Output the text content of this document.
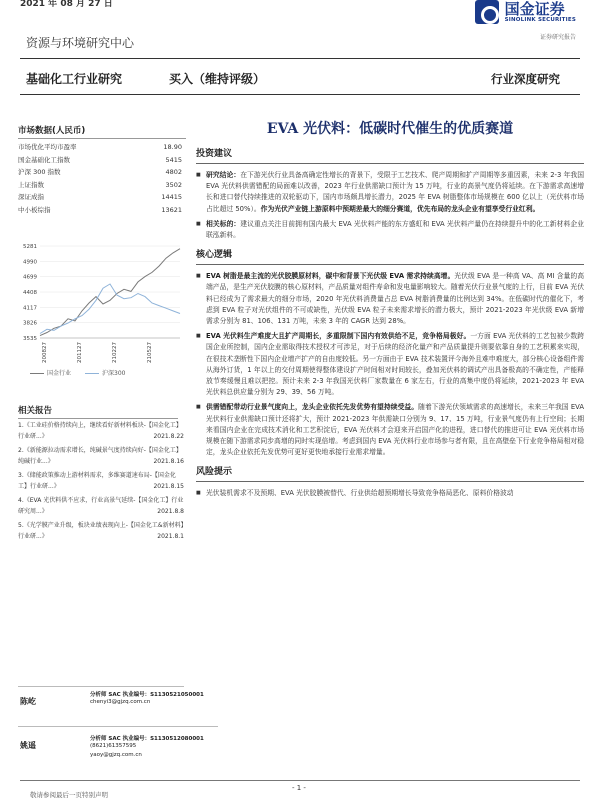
2021 年 08 月 27 日	国金证券
SINOLINK SECURITIES
证券研究报告
资源与环境研究中心
基础化工行业研究	买入（维持评级）	行业深度研究
市场数据(人民币)
市场优化平均市盈率	18.90
国金基础化工指数	5415
沪深 300 指数	4802
上证指数	3502
深证成指	14415
中小板综指	13621
5281
4990
4699
4408
4117
3826
3535
200827	201127	210227	210527
国金行业	沪深300
相关报告
1.《工业硅价格持续向上，继续看好新材料板块-【国金化工】行业研...》	2021.8.22
2.《新能源拉动需求增长，纯碱景气度持续向好-【国金化工】纯碱行业...》	2021.8.16
3.《储能政策推动上游材料需求，多维赛道速布局-【国金化工】行业研...》	2021.8.15
4.《EVA 光伏料供不应求，行业高景气延续-【国金化工】行业研究周...》	2021.8.8
5.《光学膜产业升级，板块业绩表现向上-【国金化工&新材料】行业研...》	2021.8.1
陈屹
分析师 SAC 执业编号：S1130521050001
chenyi3@gjzq.com.cn
姚遥
分析师 SAC 执业编号：S1130512080001
(8621)61357595
yaoy@gjzq.com.cn
EVA 光伏料：低碳时代催生的优质赛道
投资建议
■ 研究结论：在下游光伏行业具备高确定性增长的背景下，受限于工艺技术、爬产周期和扩产周期等多重因素，未来 2-3 年我国 EVA 光伏料供需错配的局面难以改善，2023 年行业供需缺口预计为 15 万吨，行业的高景气度仍将延续。在下游需求高速增长和进口替代持续推进的双轮驱动下，国内市场颇具增长潜力，2025 年 EVA 树脂整体市场规模在 600 亿以上（光伏料市场占比超过 50%）。作为光伏产业链上游原料中预期差最大的细分赛道，优先布局的龙头企业有望享受行业红利。
■ 相关标的：建议重点关注目前拥有国内最大 EVA 光伏料产能的东方盛虹和 EVA 光伏料产量仍在持续提升中的化工新材料企业联泓新料。
核心逻辑
■ EVA 树脂是最主流的光伏胶膜原材料，碳中和背景下光伏级 EVA 需求持续高增。光伏级 EVA 是一种高 VA、高 MI 含量的高端产品，是生产光伏胶膜的核心原材料，产品质量对组件寿命和发电量影响较大。随着光伏行业景气度的上行，目前 EVA 光伏料已经成为了需求最大的细分市场，2020 年光伏料消费量占总 EVA 树脂消费量的比例达到 34%。在低碳时代的催化下，考虑到 EVA 粒子对光伏组件的不可或缺性，光伏级 EVA 粒子未来需求增长的潜力极大，预计 2021-2023 年光伏级 EVA 新增需求分别为 81、106、131 万吨，未来 3 年的 CAGR 达到 28%。
■ EVA 光伏料生产难度大且扩产周期长，多重限制下国内有效供给不足，竞争格局极好。一方面 EVA 光伏料的工艺包被少数跨国企业所控制，国内企业需取得技术授权才可涉足，对于后续的经济化量产和产品质量提升则要依靠自身的工艺积累来实现，在很技术垄断性下国内企业增产扩产的自由度较低。另一方面由于 EVA 技术装置评今海外且难申难度大，部分核心设备组件需从海外订货，1 年以上的交付周期使得整体建设扩产时间相对时间较长，叠加光伏料的调试产出具备极高的不确定性，产能释放节奏缓慢且难以把控。预计未来 2-3 年我国光伏料厂家数量在 6 家左右，行业的高集中度仍将延续，2021-2023 年 EVA 光伏料总供应量分别为 29、39、56 万吨。
■ 供需错配带动行业景气度向上，龙头企业依托先发优势有望持续受益。随着下游光伏领域需求的高速增长，未来三年我国 EVA 光伏料行业供需缺口预计还将扩大，预计 2021-2023 年供需缺口分别为 9、17、15 万吨，行业景气度仍有上行空间；长期来看国内企业在完成技术消化和工艺积淀后，EVA 光伏料才会迎来开启国产化的进程，进口替代的推进可让 EVA 光伏料市场规模在随下游需求同步高增的同时实现倍增。考虑到国内 EVA 光伏料行业市场参与者有限，且在高壁垒下行业竞争格局相对稳定，龙头企业依托先发优势可更好更快地承接行业需求增量。
风险提示
■ 光伏装机需求不及预期、EVA 光伏胶膜被替代、行业供给超预期增长导致竞争格局恶化、原料价格波动
- 1 -
敬请参阅最后一页特别声明
